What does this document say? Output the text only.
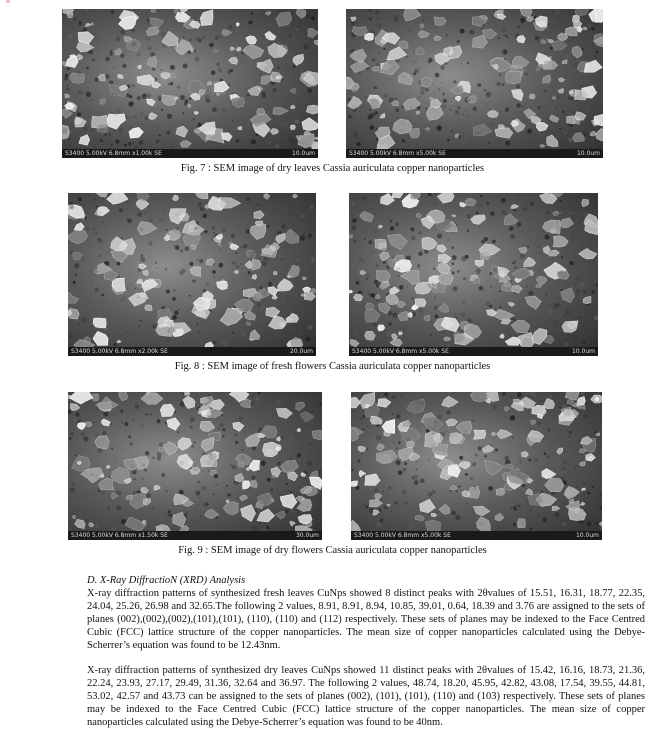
S3400 5.00kV 6.8mm x1.00k SE	10.0um	S3400 5.00kV 6.8mm x5.00k SE	10.0um
Fig. 7 : SEM image of dry leaves Cassia auriculata copper nanoparticles
S3400 5.00kV 6.8mm x2.00k SE	20.0um	S3400 5.00kV 6.8mm x5.00k SE	10.0um
Fig. 8 : SEM image of fresh flowers Cassia auriculata copper nanoparticles
S3400 5.00kV 6.8mm x1.50k SE	30.0um	S3400 5.00kV 6.8mm x5.00k SE	10.0um
Fig. 9 : SEM image of dry flowers Cassia auriculata copper nanoparticles
D. X-Ray DiffractioN (XRD) Analysis

X-ray diffraction patterns of synthesized fresh leaves CuNps showed 8 distinct peaks with 2θvalues of 15.51, 16.31, 18.77, 22.35, 24.04, 25.26, 26.98 and 32.65.The following 2 values, 8.91, 8.91, 8.94, 10.85, 39.01, 0.64, 18.39 and 3.76 are assigned to the sets of planes (002),(002),(002),(101),(101), (110), (110) and (112) respectively. These sets of planes may be indexed to the Face Centred Cubic (FCC) lattice structure of the copper nanoparticles. The mean size of copper nanoparticles calculated using the Debye-Scherrer’s equation was found to be 12.43nm.

X-ray diffraction patterns of synthesized dry leaves CuNps showed 11 distinct peaks with 2θvalues of 15.42, 16.16, 18.73, 21.36, 22.24, 23.93, 27.17, 29.49, 31.36, 32.64 and 36.97. The following 2 values, 48.74, 18.20, 45.95, 42.82, 43.08, 17.54, 39.55, 44.81, 53.02, 42.57 and 43.73 can be assigned to the sets of planes (002), (101), (101), (110) and (103) respectively. These sets of planes may be indexed to the Face Centred Cubic (FCC) lattice structure of the copper nanoparticles. The mean size of copper nanoparticles calculated using the Debye-Scherrer’s equation was found to be 40nm.
